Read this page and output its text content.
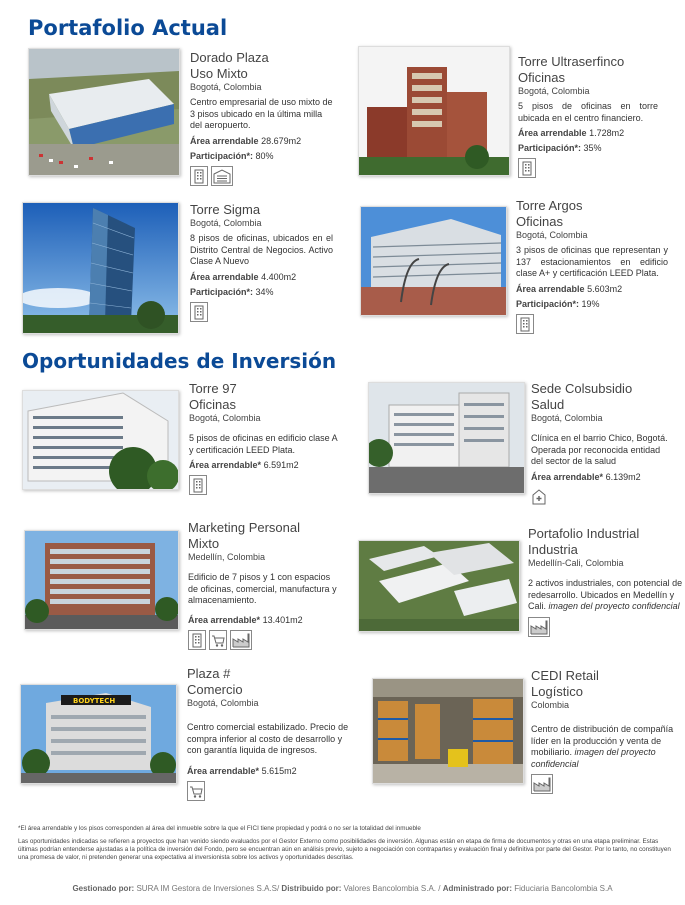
Portafolio Actual
Dorado Plaza
Uso Mixto
Bogotá, Colombia
Centro empresarial de uso mixto de 3 pisos ubicado en la última milla del aeropuerto.
Área arrendable 28.679m2
Participación*: 80%
Torre Ultraserfinco
Oficinas
Bogotá, Colombia
5 pisos de oficinas en torre ubicada en el centro financiero.
Área arrendable 1.728m2
Participación*: 35%
Torre Sigma
Bogotá, Colombia
8 pisos de oficinas, ubicados en el Distrito Central de Negocios. Activo Clase A Nuevo
Área arrendable 4.400m2
Participación*: 34%
Torre Argos
Oficinas
Bogotá, Colombia
3 pisos de oficinas que representan y 137 estacionamientos en edificio clase A+ y certificación LEED Plata.
Área arrendable 5.603m2
Participación*: 19%
Oportunidades de Inversión
Torre 97
Oficinas
Bogotá, Colombia
5 pisos de oficinas en edificio clase A y certificación LEED Plata.
Área arrendable* 6.591m2
Sede Colsubsidio
Salud
Bogotá, Colombia
Clínica en el barrio Chico, Bogotá. Operada por reconocida entidad del sector de la salud
Área arrendable* 6.139m2
Marketing Personal
Mixto
Medellín, Colombia
Edificio de 7 pisos y 1 con espacios de oficinas, comercial, manufactura y almacenamiento.
Área arrendable* 13.401m2
Portafolio Industrial
Industria
Medellín-Cali, Colombia
2 activos industriales, con potencial de redesarrollo. Ubicados en Medellín y Cali. imagen del proyecto confidencial
BODYTECH
Plaza #
Comercio
Bogotá, Colombia
Centro comercial estabilizado. Precio de compra inferior al costo de desarrollo y con garantía liquida de ingresos.
Área arrendable* 5.615m2
CEDI Retail
Logístico
Colombia
Centro de distribución de compañía líder en la producción y venta de mobiliario. imagen del proyecto confidencial
*El área arrendable y los pisos corresponden al área del inmueble sobre la que el FICI tiene propiedad y podrá o no ser la totalidad del inmueble
Las oportunidades indicadas se refieren a proyectos que han venido siendo evaluados por el Gestor Externo como posibilidades de inversión. Algunas están en etapa de firma de documentos y otras en una etapa preliminar. Estas últimas podrían entenderse ajustadas a la política de inversión del Fondo, pero se encuentran aún en análisis previo, sujeto a negociación con contrapartes y evaluación final y definitiva por parte del Gestor. Por lo tanto, no constituyen una promesa de valor, ni pretenden generar una expectativa al inversionista sobre los activos y oportunidades descritas.
Gestionado por: SURA IM Gestora de Inversiones S.A.S/ Distribuido por: Valores Bancolombia S.A. / Administrado por: Fiduciaria Bancolombia S.A
